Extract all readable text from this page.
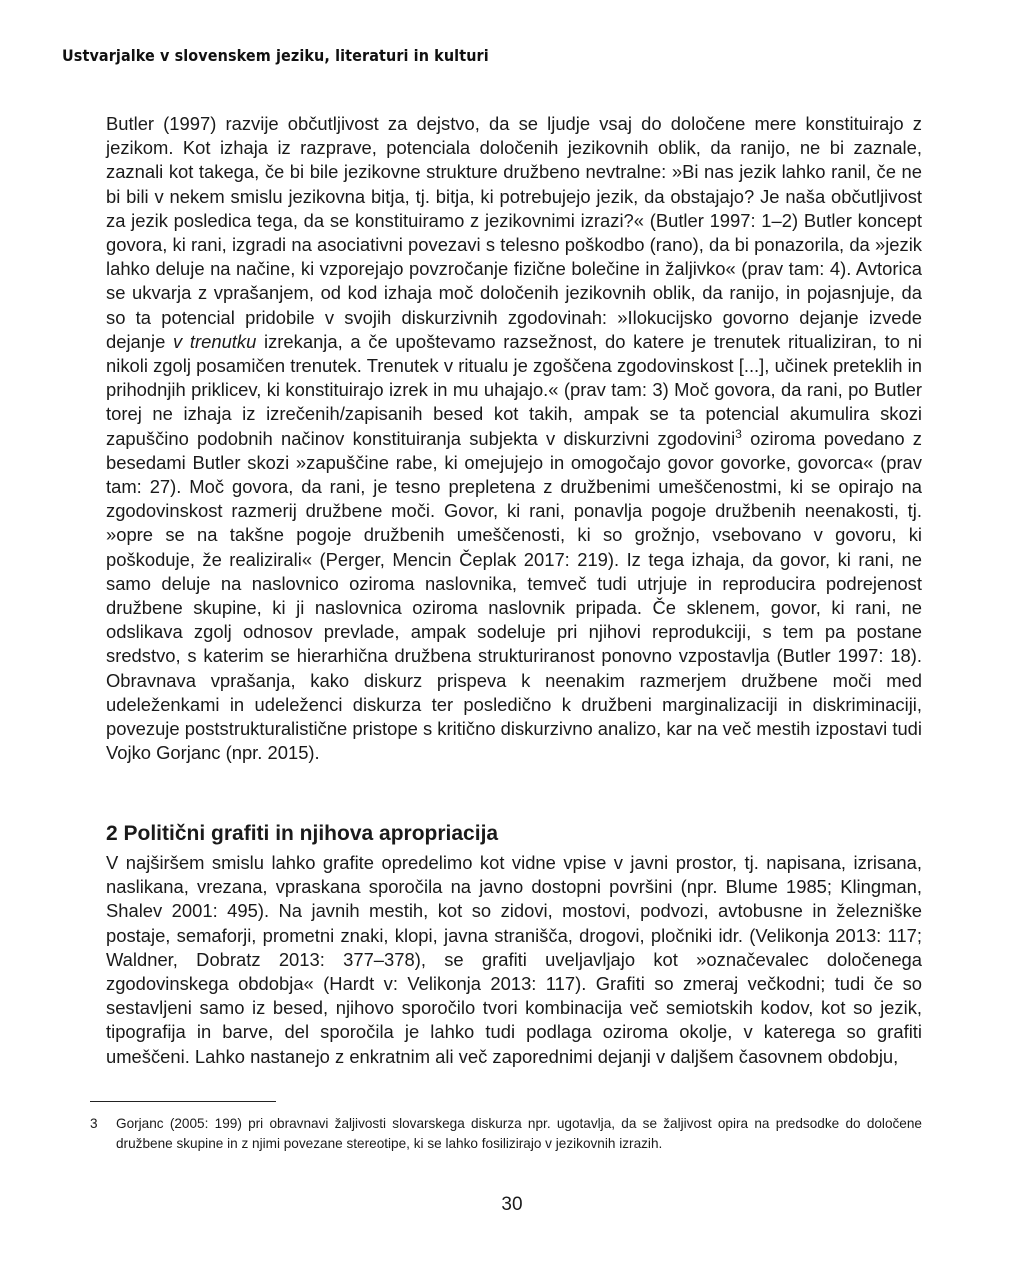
Ustvarjalke v slovenskem jeziku, literaturi in kulturi

Butler (1997) razvije občutljivost za dejstvo, da se ljudje vsaj do določene mere konstituirajo z jezikom. Kot izhaja iz razprave, potenciala določenih jezikovnih oblik, da ranijo, ne bi zaznale, zaznali kot takega, če bi bile jezikovne strukture družbeno nevtralne: »Bi nas jezik lahko ranil, če ne bi bili v nekem smislu jezikovna bitja, tj. bitja, ki potrebujejo jezik, da obstajajo? Je naša občutljivost za jezik posledica tega, da se konstituiramo z jezikovnimi izrazi?« (Butler 1997: 1–2) Butler koncept govora, ki rani, izgradi na asociativni povezavi s telesno poškodbo (rano), da bi ponazorila, da »jezik lahko deluje na načine, ki vzporejajo povzročanje fizične bolečine in žaljivko« (prav tam: 4). Avtorica se ukvarja z vprašanjem, od kod izhaja moč določenih jezikovnih oblik, da ranijo, in pojasnjuje, da so ta potencial pridobile v svojih diskurzivnih zgodovinah: »Ilokucijsko govorno dejanje izvede dejanje v trenutku izrekanja, a če upoštevamo razsežnost, do katere je trenutek ritualiziran, to ni nikoli zgolj posamičen trenutek. Trenutek v ritualu je zgoščena zgodovinskost [...], učinek preteklih in prihodnjih priklicev, ki konstituirajo izrek in mu uhajajo.« (prav tam: 3) Moč govora, da rani, po Butler torej ne izhaja iz izrečenih/zapisanih besed kot takih, ampak se ta potencial akumulira skozi zapuščino podobnih načinov konstituiranja subjekta v diskurzivni zgodovini$^3$ oziroma povedano z besedami Butler skozi »zapuščine rabe, ki omejujejo in omogočajo govor govorke, govorca« (prav tam: 27). Moč govora, da rani, je tesno prepletena z družbenimi umeščenostmi, ki se opirajo na zgodovinskost razmerij družbene moči. Govor, ki rani, ponavlja pogoje družbenih neenakosti, tj. »opre se na takšne pogoje družbenih umeščenosti, ki so grožnjo, vsebovano v govoru, ki poškoduje, že realizirali« (Perger, Mencin Čeplak 2017: 219). Iz tega izhaja, da govor, ki rani, ne samo deluje na naslovnico oziroma naslovnika, temveč tudi utrjuje in reproducira podrejenost družbene skupine, ki ji naslovnica oziroma naslovnik pripada. Če sklenem, govor, ki rani, ne odslikava zgolj odnosov prevlade, ampak sodeluje pri njihovi reprodukciji, s tem pa postane sredstvo, s katerim se hierarhična družbena strukturiranost ponovno vzpostavlja (Butler 1997: 18). Obravnava vprašanja, kako diskurz prispeva k neenakim razmerjem družbene moči med udeleženkami in udeleženci diskurza ter posledično k družbeni marginalizaciji in diskriminaciji, povezuje poststrukturalistične pristope s kritično diskurzivno analizo, kar na več mestih izpostavi tudi Vojko Gorjanc (npr. 2015).

2 Politični grafiti in njihova apropriacija

V najširšem smislu lahko grafite opredelimo kot vidne vpise v javni prostor, tj. napisana, izrisana, naslikana, vrezana, vpraskana sporočila na javno dostopni površini (npr. Blume 1985; Klingman, Shalev 2001: 495). Na javnih mestih, kot so zidovi, mostovi, podvozi, avtobusne in železniške postaje, semaforji, prometni znaki, klopi, javna stranišča, drogovi, pločniki idr. (Velikonja 2013: 117; Waldner, Dobratz 2013: 377–378), se grafiti uveljavljajo kot »označevalec določenega zgodovinskega obdobja« (Hardt v: Velikonja 2013: 117). Grafiti so zmeraj večkodni; tudi če so sestavljeni samo iz besed, njihovo sporočilo tvori kombinacija več semiotskih kodov, kot so jezik, tipografija in barve, del sporočila je lahko tudi podlaga oziroma okolje, v katerega so grafiti umeščeni. Lahko nastanejo z enkratnim ali več zaporednimi dejanji v daljšem časovnem obdobju,

3	Gorjanc (2005: 199) pri obravnavi žaljivosti slovarskega diskurza npr. ugotavlja, da se žaljivost opira na predsodke do določene družbene skupine in z njimi povezane stereotipe, ki se lahko fosilizirajo v jezikovnih izrazih.
30
